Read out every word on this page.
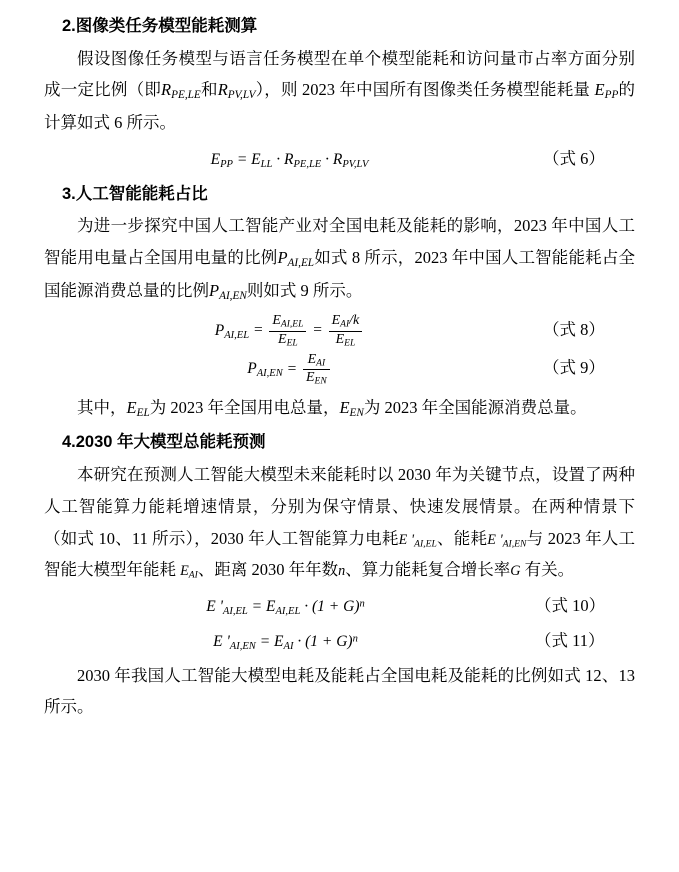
2.图像类任务模型能耗测算

假设图像任务模型与语言任务模型在单个模型能耗和访问量市占率方面分别成一定比例（即$R_{PE,LE}$和$R_{PV,LV}$），则 2023 年中国所有图像类任务模型能耗量 $E_{PP}$的计算如式 6 所示。

$E_{PP} = E_{LL} \cdot R_{PE,LE} \cdot R_{PV,LV}$	（式 6）
3.人工智能能耗占比

为进一步探究中国人工智能产业对全国电耗及能耗的影响，2023 年中国人工智能用电量占全国用电量的比例$P_{AI,EL}$如式 8 所示，2023 年中国人工智能能耗占全国能源消费总量的比例$P_{AI,EN}$则如式 9 所示。

$P_{AI,EL} = \frac{E_{AI,EL}}{E_{EL}} = \frac{E_{AI}/k}{E_{EL}}$	（式 8）
$P_{AI,EN} = \frac{E_{AI}}{E_{EN}}$	（式 9）

其中，$E_{EL}$为 2023 年全国用电总量，$E_{EN}$为 2023 年全国能源消费总量。

4.2030 年大模型总能耗预测

本研究在预测人工智能大模型未来能耗时以 2030 年为关键节点，设置了两种人工智能算力能耗增速情景，分别为保守情景、快速发展情景。在两种情景下（如式 10、11 所示），2030 年人工智能算力电耗E '$_{AI,EL}$、能耗E '$_{AI,EN}$与 2023 年人工智能大模型年能耗 $E_{AI}$、距离 2030 年年数n、算力能耗复合增长率G 有关。

E '$_{AI,EL} = E_{AI,EL} \cdot (1 + G)^n$	（式 10）
E '$_{AI,EN} = E_{AI} \cdot (1 + G)^n$	（式 11）

2030 年我国人工智能大模型电耗及能耗占全国电耗及能耗的比例如式 12、13 所示。
